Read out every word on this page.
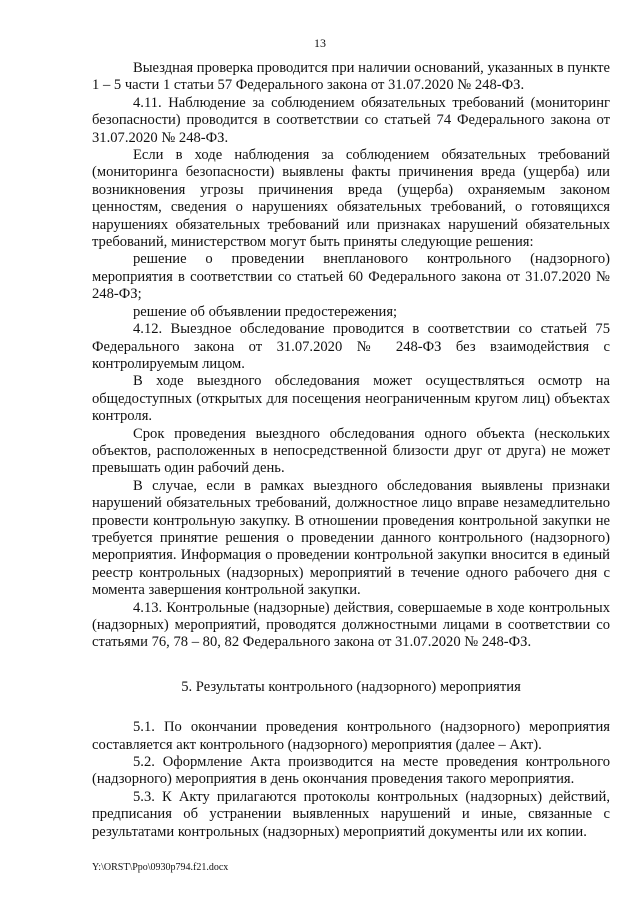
13

Выездная проверка проводится при наличии оснований, указанных в пункте 1 – 5 части 1 статьи 57 Федерального закона от 31.07.2020 № 248-ФЗ.

4.11. Наблюдение за соблюдением обязательных требований (мониторинг безопасности) проводится в соответствии со статьей 74 Федерального закона от 31.07.2020 № 248-ФЗ.

Если в ходе наблюдения за соблюдением обязательных требований (мониторинга безопасности) выявлены факты причинения вреда (ущерба) или возникновения угрозы причинения вреда (ущерба) охраняемым законом ценностям, сведения о нарушениях обязательных требований, о готовящихся нарушениях обязательных требований или признаках нарушений обязательных требований, министерством могут быть приняты следующие решения:

решение о проведении внепланового контрольного (надзорного) мероприятия в соответствии со статьей 60 Федерального закона от 31.07.2020 № 248-ФЗ;

решение об объявлении предостережения;

4.12. Выездное обследование проводится в соответствии со статьей 75 Федерального закона от 31.07.2020 № 248-ФЗ без взаимодействия с контролируемым лицом.

В ходе выездного обследования может осуществляться осмотр на общедоступных (открытых для посещения неограниченным кругом лиц) объектах контроля.

Срок проведения выездного обследования одного объекта (нескольких объектов, расположенных в непосредственной близости друг от друга) не может превышать один рабочий день.

В случае, если в рамках выездного обследования выявлены признаки нарушений обязательных требований, должностное лицо вправе незамедлительно провести контрольную закупку. В отношении проведения контрольной закупки не требуется принятие решения о проведении данного контрольного (надзорного) мероприятия. Информация о проведении контрольной закупки вносится в единый реестр контрольных (надзорных) мероприятий в течение одного рабочего дня с момента завершения контрольной закупки.

4.13. Контрольные (надзорные) действия, совершаемые в ходе контрольных (надзорных) мероприятий, проводятся должностными лицами в соответствии со статьями 76, 78 – 80, 82 Федерального закона от 31.07.2020 № 248-ФЗ.

5. Результаты контрольного (надзорного) мероприятия

5.1. По окончании проведения контрольного (надзорного) мероприятия составляется акт контрольного (надзорного) мероприятия (далее – Акт).

5.2. Оформление Акта производится на месте проведения контрольного (надзорного) мероприятия в день окончания проведения такого мероприятия.

5.3. К Акту прилагаются протоколы контрольных (надзорных) действий, предписания об устранении выявленных нарушений и иные, связанные с результатами контрольных (надзорных) мероприятий документы или их копии.

Y:\ORST\Ppo\0930p794.f21.docx
